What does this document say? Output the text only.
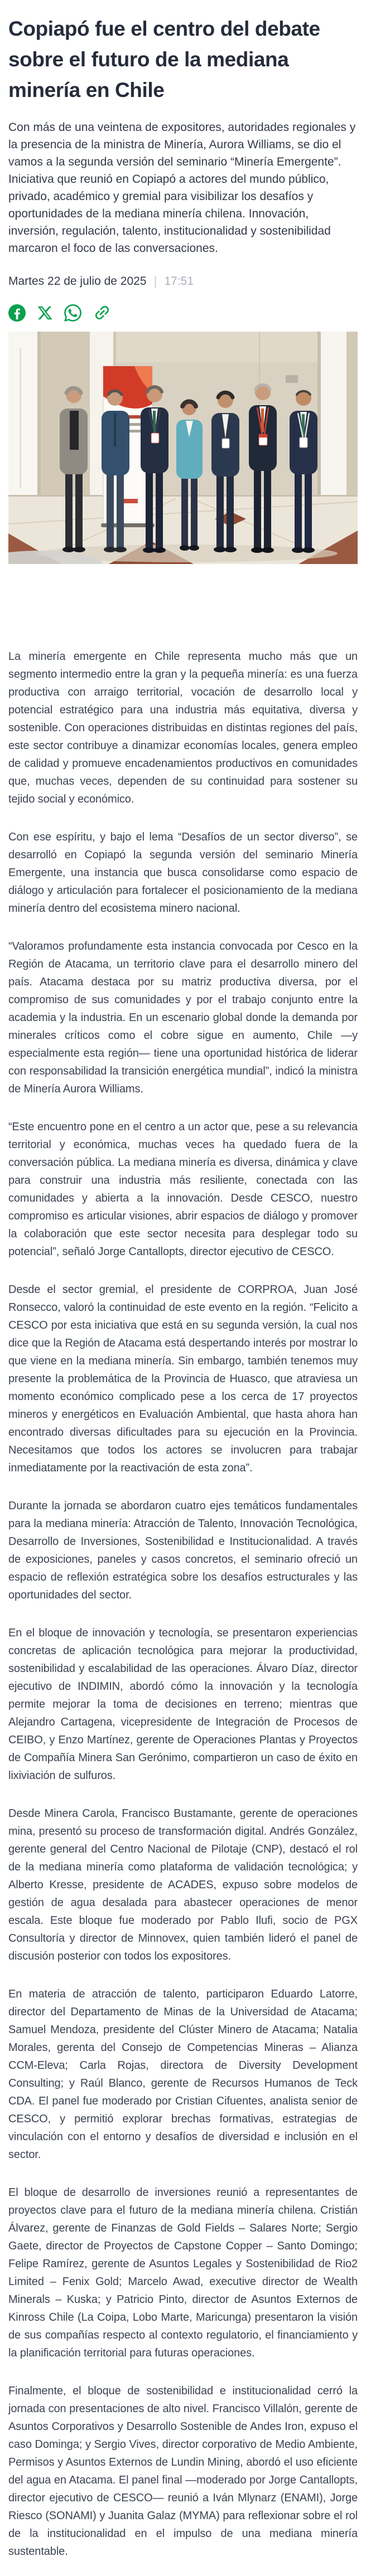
Copiapó fue el centro del debate sobre el futuro de la mediana minería en Chile

Con más de una veintena de expositores, autoridades regionales y la presencia de la ministra de Minería, Aurora Williams, se dio el vamos a la segunda versión del seminario “Minería Emergente”. Iniciativa que reunió en Copiapó a actores del mundo público, privado, académico y gremial para visibilizar los desafíos y oportunidades de la mediana minería chilena. Innovación, inversión, regulación, talento, institucionalidad y sostenibilidad marcaron el foco de las conversaciones.

Martes 22 de julio de 2025 | 17:51

La minería emergente en Chile representa mucho más que un segmento intermedio entre la gran y la pequeña minería: es una fuerza productiva con arraigo territorial, vocación de desarrollo local y potencial estratégico para una industria más equitativa, diversa y sostenible. Con operaciones distribuidas en distintas regiones del país, este sector contribuye a dinamizar economías locales, genera empleo de calidad y promueve encadenamientos productivos en comunidades que, muchas veces, dependen de su continuidad para sostener su tejido social y económico.

Con ese espíritu, y bajo el lema “Desafíos de un sector diverso”, se desarrolló en Copiapó la segunda versión del seminario Minería Emergente, una instancia que busca consolidarse como espacio de diálogo y articulación para fortalecer el posicionamiento de la mediana minería dentro del ecosistema minero nacional.

“Valoramos profundamente esta instancia convocada por Cesco en la Región de Atacama, un territorio clave para el desarrollo minero del país. Atacama destaca por su matriz productiva diversa, por el compromiso de sus comunidades y por el trabajo conjunto entre la academia y la industria. En un escenario global donde la demanda por minerales críticos como el cobre sigue en aumento, Chile —y especialmente esta región— tiene una oportunidad histórica de liderar con responsabilidad la transición energética mundial”, indicó la ministra de Minería Aurora Williams.

“Este encuentro pone en el centro a un actor que, pese a su relevancia territorial y económica, muchas veces ha quedado fuera de la conversación pública. La mediana minería es diversa, dinámica y clave para construir una industria más resiliente, conectada con las comunidades y abierta a la innovación. Desde CESCO, nuestro compromiso es articular visiones, abrir espacios de diálogo y promover la colaboración que este sector necesita para desplegar todo su potencial”, señaló Jorge Cantallopts, director ejecutivo de CESCO.

Desde el sector gremial, el presidente de CORPROA, Juan José Ronsecco, valoró la continuidad de este evento en la región. “Felicito a CESCO por esta iniciativa que está en su segunda versión, la cual nos dice que la Región de Atacama está despertando interés por mostrar lo que viene en la mediana minería. Sin embargo, también tenemos muy presente la problemática de la Provincia de Huasco, que atraviesa un momento económico complicado pese a los cerca de 17 proyectos mineros y energéticos en Evaluación Ambiental, que hasta ahora han encontrado diversas dificultades para su ejecución en la Provincia. Necesitamos que todos los actores se involucren para trabajar inmediatamente por la reactivación de esta zona”.

Durante la jornada se abordaron cuatro ejes temáticos fundamentales para la mediana minería: Atracción de Talento, Innovación Tecnológica, Desarrollo de Inversiones, Sostenibilidad e Institucionalidad. A través de exposiciones, paneles y casos concretos, el seminario ofreció un espacio de reflexión estratégica sobre los desafíos estructurales y las oportunidades del sector.

En el bloque de innovación y tecnología, se presentaron experiencias concretas de aplicación tecnológica para mejorar la productividad, sostenibilidad y escalabilidad de las operaciones. Álvaro Díaz, director ejecutivo de INDIMIN, abordó cómo la innovación y la tecnología permite mejorar la toma de decisiones en terreno; mientras que Alejandro Cartagena, vicepresidente de Integración de Procesos de CEIBO, y Enzo Martínez, gerente de Operaciones Plantas y Proyectos de Compañía Minera San Gerónimo, compartieron un caso de éxito en lixiviación de sulfuros.

Desde Minera Carola, Francisco Bustamante, gerente de operaciones mina, presentó su proceso de transformación digital. Andrés González, gerente general del Centro Nacional de Pilotaje (CNP), destacó el rol de la mediana minería como plataforma de validación tecnológica; y Alberto Kresse, presidente de ACADES, expuso sobre modelos de gestión de agua desalada para abastecer operaciones de menor escala. Este bloque fue moderado por Pablo Ilufi, socio de PGX Consultoría y director de Minnovex, quien también lideró el panel de discusión posterior con todos los expositores.

En materia de atracción de talento, participaron Eduardo Latorre, director del Departamento de Minas de la Universidad de Atacama; Samuel Mendoza, presidente del Clúster Minero de Atacama; Natalia Morales, gerenta del Consejo de Competencias Mineras – Alianza CCM-Eleva; Carla Rojas, directora de Diversity Development Consulting; y Raúl Blanco, gerente de Recursos Humanos de Teck CDA. El panel fue moderado por Cristian Cifuentes, analista senior de CESCO, y permitió explorar brechas formativas, estrategias de vinculación con el entorno y desafíos de diversidad e inclusión en el sector.

El bloque de desarrollo de inversiones reunió a representantes de proyectos clave para el futuro de la mediana minería chilena. Cristián Álvarez, gerente de Finanzas de Gold Fields – Salares Norte; Sergio Gaete, director de Proyectos de Capstone Copper – Santo Domingo; Felipe Ramírez, gerente de Asuntos Legales y Sostenibilidad de Rio2 Limited – Fenix Gold; Marcelo Awad, executive director de Wealth Minerals – Kuska; y Patricio Pinto, director de Asuntos Externos de Kinross Chile (La Coipa, Lobo Marte, Maricunga) presentaron la visión de sus compañías respecto al contexto regulatorio, el financiamiento y la planificación territorial para futuras operaciones.

Finalmente, el bloque de sostenibilidad e institucionalidad cerró la jornada con presentaciones de alto nivel. Francisco Villalón, gerente de Asuntos Corporativos y Desarrollo Sostenible de Andes Iron, expuso el caso Dominga; y Sergio Vives, director corporativo de Medio Ambiente, Permisos y Asuntos Externos de Lundin Mining, abordó el uso eficiente del agua en Atacama. El panel final —moderado por Jorge Cantallopts, director ejecutivo de CESCO— reunió a Iván Mlynarz (ENAMI), Jorge Riesco (SONAMI) y Juanita Galaz (MYMA) para reflexionar sobre el rol de la institucionalidad en el impulso de una mediana minería sustentable.
